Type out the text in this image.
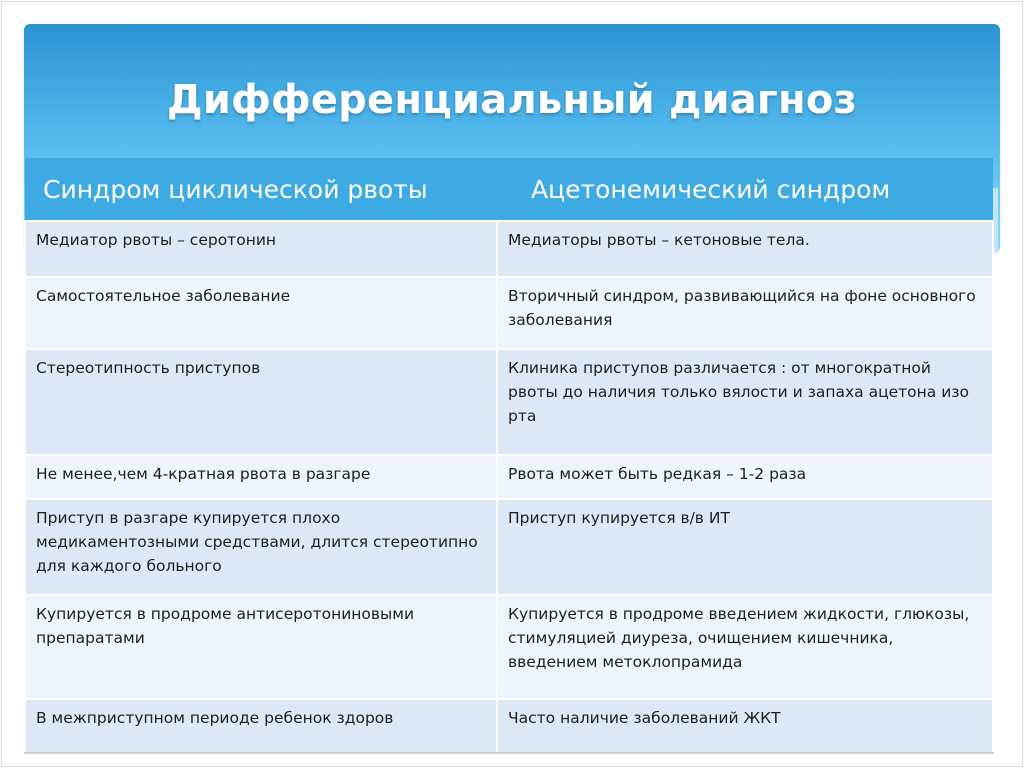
Дифференциальный диагноз
Синдром циклической рвоты	Ацетонемический синдром
Медиатор рвоты – серотонин	Медиаторы рвоты – кетоновые тела.
Самостоятельное заболевание	Вторичный синдром, развивающийся на фоне основного заболевания
Стереотипность приступов	Клиника приступов различается : от многократной рвоты до наличия только вялости и запаха ацетона изо рта
Не менее,чем 4-кратная рвота в разгаре	Рвота может быть редкая – 1-2 раза
Приступ в разгаре купируется плохо медикаментозными средствами, длится стереотипно для каждого больного	Приступ купируется в/в ИТ
Купируется в продроме антисеротониновыми препаратами	Купируется в продроме введением жидкости, глюкозы, стимуляцией диуреза, очищением кишечника, введением метоклопрамида
В межприступном периоде ребенок здоров	Часто наличие заболеваний ЖКТ
